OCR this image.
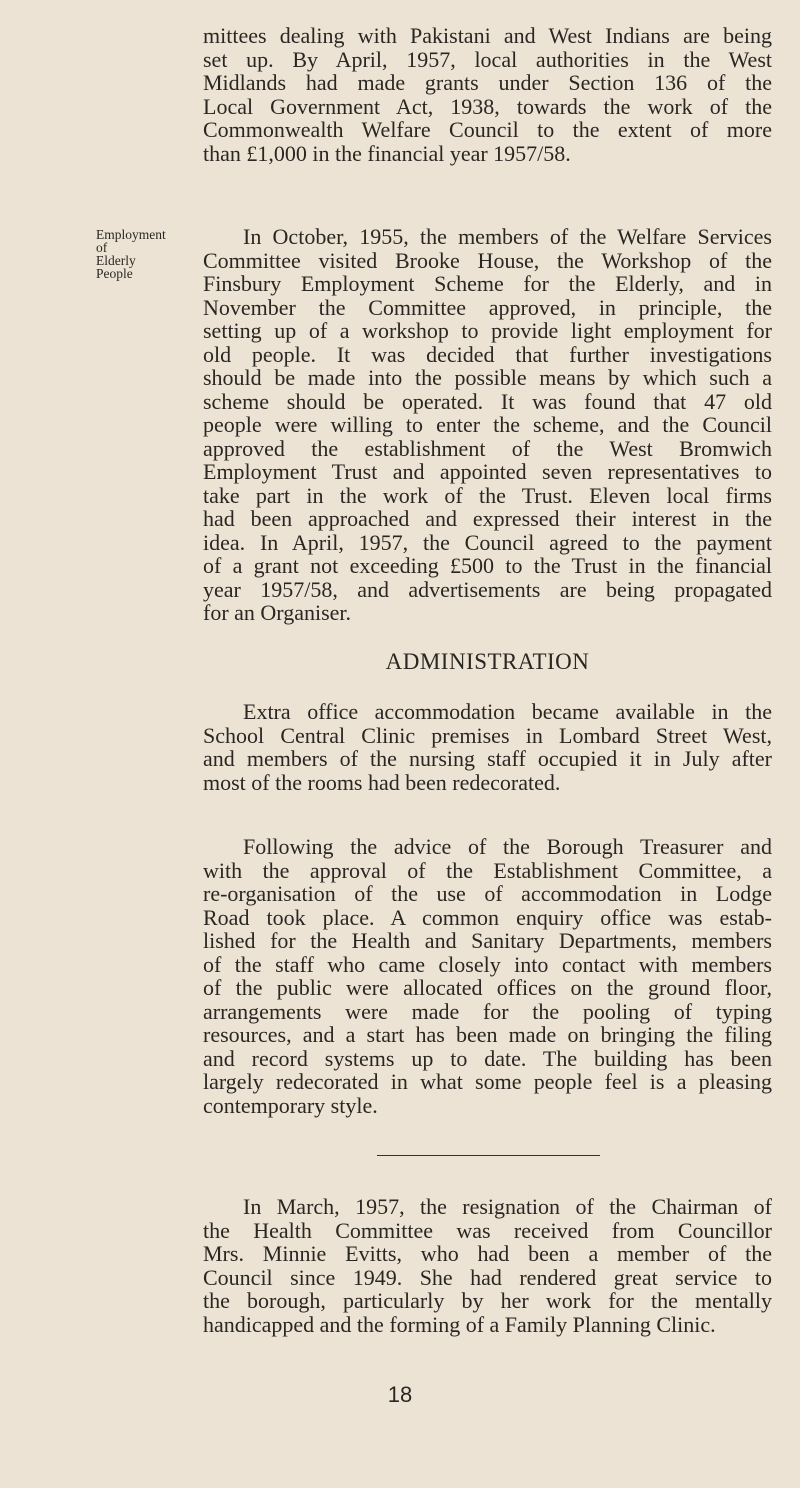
Employment
of
Elderly
People
mittees dealing with Pakistani and West Indians are being
set up. By April, 1957, local authorities in the West
Midlands had made grants under Section 136 of the
Local Government Act, 1938, towards the work of the
Commonwealth Welfare Council to the extent of more
than £1,000 in the financial year 1957/58.
In October, 1955, the members of the Welfare Services
Committee visited Brooke House, the Workshop of the
Finsbury Employment Scheme for the Elderly, and in
November the Committee approved, in principle, the
setting up of a workshop to provide light employment for
old people. It was decided that further investigations
should be made into the possible means by which such a
scheme should be operated. It was found that 47 old
people were willing to enter the scheme, and the Council
approved the establishment of the West Bromwich
Employment Trust and appointed seven representatives to
take part in the work of the Trust. Eleven local firms
had been approached and expressed their interest in the
idea. In April, 1957, the Council agreed to the payment
of a grant not exceeding £500 to the Trust in the financial
year 1957/58, and advertisements are being propagated
for an Organiser.
ADMINISTRATION
Extra office accommodation became available in the
School Central Clinic premises in Lombard Street West,
and members of the nursing staff occupied it in July after
most of the rooms had been redecorated.
Following the advice of the Borough Treasurer and
with the approval of the Establishment Committee, a
re-organisation of the use of accommodation in Lodge
Road took place. A common enquiry office was estab-
lished for the Health and Sanitary Departments, members
of the staff who came closely into contact with members
of the public were allocated offices on the ground floor,
arrangements were made for the pooling of typing
resources, and a start has been made on bringing the filing
and record systems up to date. The building has been
largely redecorated in what some people feel is a pleasing
contemporary style.
In March, 1957, the resignation of the Chairman of
the Health Committee was received from Councillor
Mrs. Minnie Evitts, who had been a member of the
Council since 1949. She had rendered great service to
the borough, particularly by her work for the mentally
handicapped and the forming of a Family Planning Clinic.
18
